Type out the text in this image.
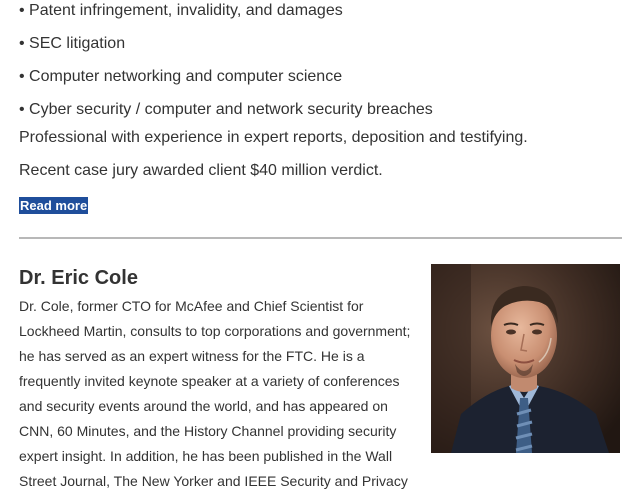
• Patent infringement, invalidity, and damages
• SEC litigation
• Computer networking and computer science
• Cyber security / computer and network security breaches
Professional with experience in expert reports, deposition and testifying.
Recent case jury awarded client $40 million verdict.
Read more
Dr. Eric Cole

Dr. Cole, former CTO for McAfee and Chief Scientist for
Lockheed Martin, consults to top corporations and government;
he has served as an expert witness for the FTC. He is a
frequently invited keynote speaker at a variety of conferences
and security events around the world, and has appeared on
CNN, 60 Minutes, and the History Channel providing security
expert insight. In addition, he has been published in the Wall
Street Journal, The New Yorker and IEEE Security and Privacy
